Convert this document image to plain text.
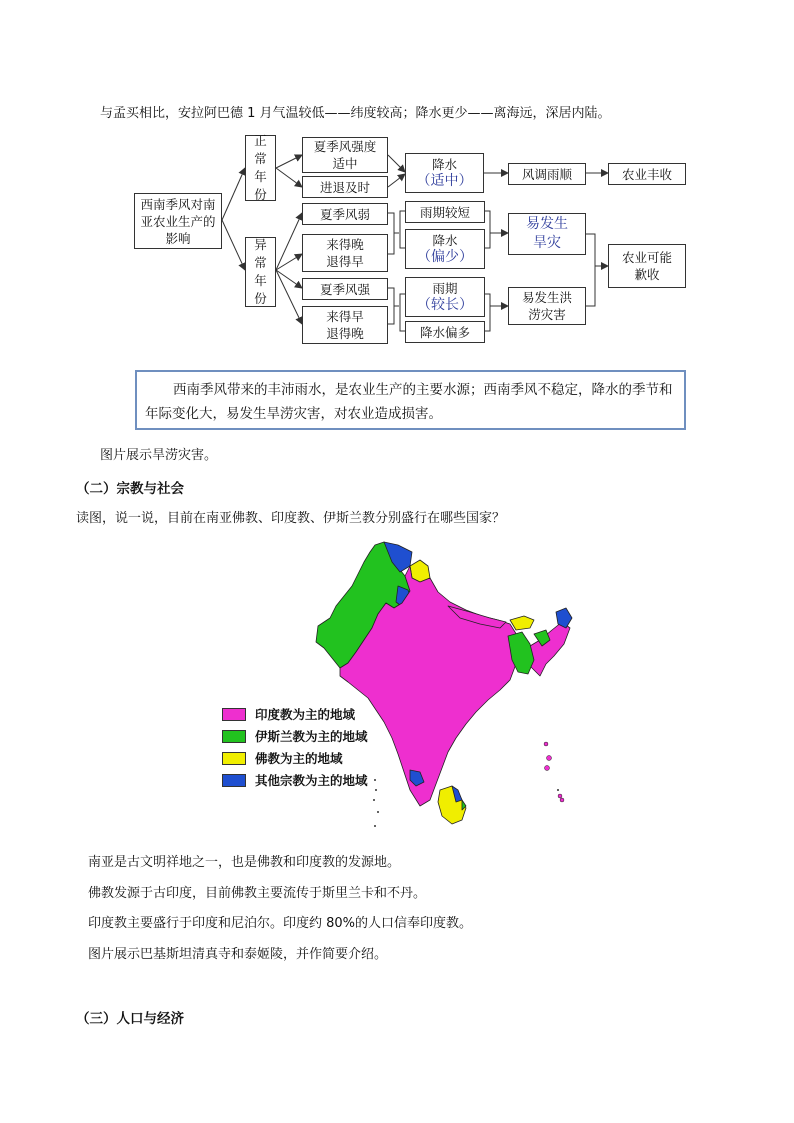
与孟买相比，安拉阿巴德 1 月气温较低——纬度较高；降水更少——离海远，深居内陆。
西南季风对南亚农业生产的影响
正常年份
异常年份
夏季风强度适中
进退及时
降水
（适中）	风调雨顺	农业丰收
夏季风弱
来得晚退得早
夏季风强
来得早退得晚
雨期较短
降水
（偏少）
雨期
（较长）
降水偏多
易发生旱灾
易发生洪涝灾害
农业可能歉收
西南季风带来的丰沛雨水，是农业生产的主要水源；西南季风不稳定，降水的季节和年际变化大，易发生旱涝灾害，对农业造成损害。
图片展示旱涝灾害。
（二）宗教与社会
读图，说一说，目前在南亚佛教、印度教、伊斯兰教分别盛行在哪些国家？
印度教为主的地域
伊斯兰教为主的地域
佛教为主的地域
其他宗教为主的地域
南亚是古文明祥地之一，也是佛教和印度教的发源地。
佛教发源于古印度，目前佛教主要流传于斯里兰卡和不丹。
印度教主要盛行于印度和尼泊尔。印度约 80%的人口信奉印度教。
图片展示巴基斯坦清真寺和泰姬陵，并作简要介绍。
（三）人口与经济
